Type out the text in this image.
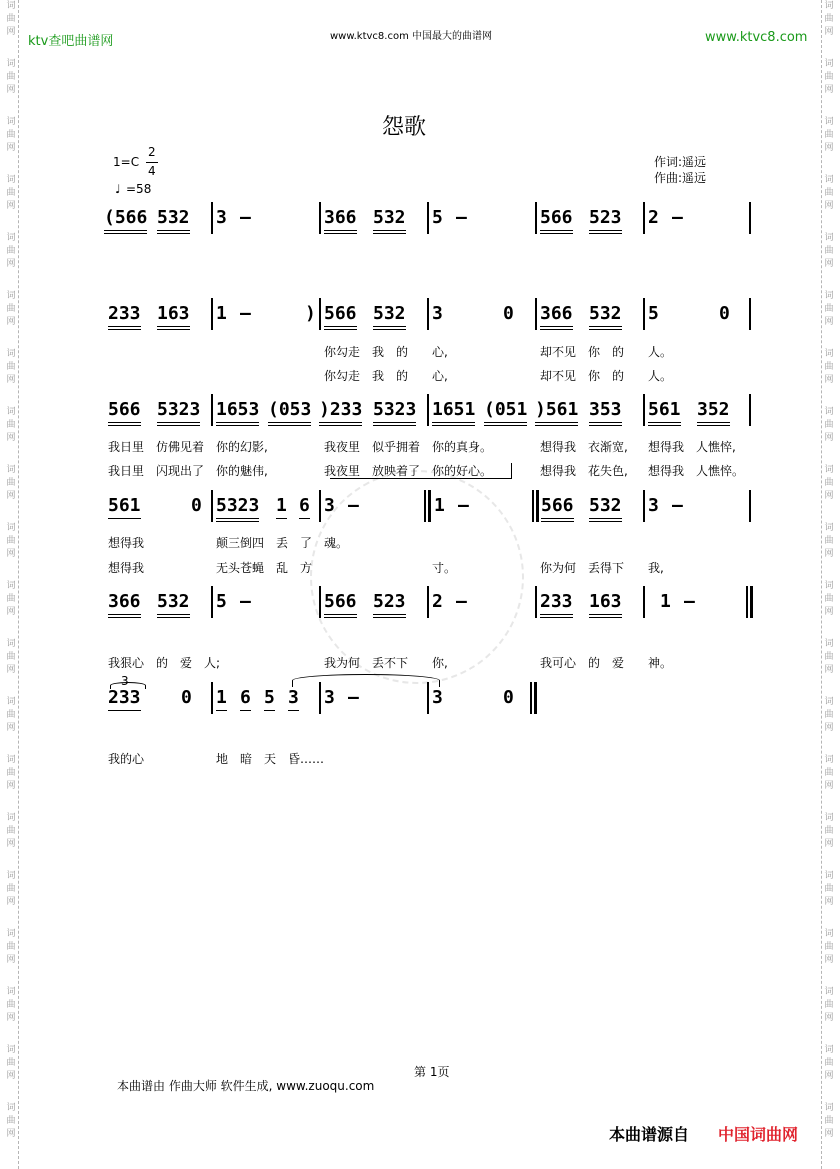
词
曲
网
词
曲
网
词
曲
网
词
曲
网
词
曲
网
词
曲
网
词
曲
网
词
曲
网
词
曲
网
词
曲
网
词
曲
网
词
曲
网
词
曲
网
词
曲
网
词
曲
网
词
曲
网
词
曲
网
词
曲
网
词
曲
网
词
曲
网
词
曲
网
词
曲
网
词
曲
网
词
曲
网
词
曲
网
词
曲
网
词
曲
网
词
曲
网
词
曲
网
词
曲
网
词
曲
网
词
曲
网
词
曲
网
词
曲
网
词
曲
网
词
曲
网
词
曲
网
词
曲
网
词
曲
网
词
曲
网
ktv查吧曲谱网	www.ktvc8.com 中国最大的曲谱网	www.ktvc8.com
怨歌
1=C
2
4
♩ =58
作词:遥远
作曲:遥远
(566 532 3 –	366 532 5 –	566 523 2 –
233 163 1 –	) 566 532 3	0 366 532 5	0
你勾走 我 的 心,	却不见 你 的 人。
你勾走 我 的 心,	却不见 你 的 人。
566 5323 1653 (053 )233 5323 1651 (051 )561 353 561 352
我日里 仿佛见着 你的幻影,	我夜里 似乎拥着 你的真身。	想得我 衣渐宽, 想得我 人憔悴,
我日里 闪现出了 你的魅伟,	我夜里 放映着了 你的好心。	想得我 花失色, 想得我 人憔悴。
561	0 5323 1 6 3 –	1 –	566 532 3 –
想得我	颠三倒四 丢 了 魂。
想得我	无头苍蝇 乱 方	寸。	你为何 丢得下 我,
366 532 5 –	566 523 2 –	233 163 1 –
我狠心 的 爱 人;	我为何 丢不下 你,	我可心 的 爱 神。
3
233 0 1 6 5 3 3 –	3	0
我的心	地 暗 天 昏……
第 1页
本曲谱由 作曲大师 软件生成, www.zuoqu.com
本曲谱源自 中国词曲网
